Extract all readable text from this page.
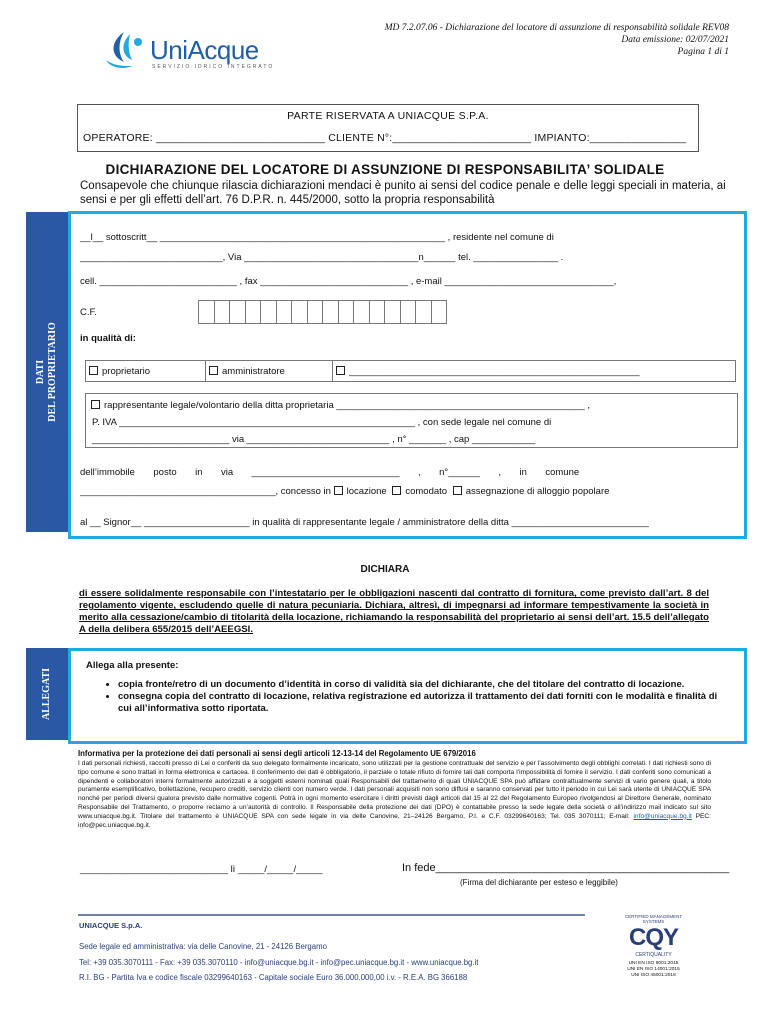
MD 7.2.07.06 - Dichiarazione del locatore di assunzione di responsabilità solidale REV08
Data emissione: 02/07/2021
Pagina 1 di 1
UniAcque
SERVIZIO IDRICO INTEGRATO
PARTE RISERVATA A UNIACQUE S.P.A.
OPERATORE: ____________________________ CLIENTE N°:_______________________ IMPIANTO:________________
DICHIARAZIONE DEL LOCATORE DI ASSUNZIONE DI RESPONSABILITA’ SOLIDALE
Consapevole che chiunque rilascia dichiarazioni mendaci è punito ai sensi del codice penale e delle leggi speciali in materia, ai sensi e per gli effetti dell’art. 76 D.P.R. n. 445/2000, sotto la propria responsabilità
DATI
DEL PROPRIETARIO
__l__ sottoscritt__ ______________________________________________________ , residente nel comune di
___________________________, Via _________________________________n______ tel. ________________ .
cell. __________________________ , fax ____________________________ , e-mail ________________________________,
C.F.
in qualità di:
proprietario	amministratore	_______________________________________________________
rappresentante legale/volontario della ditta proprietaria _______________________________________________ ,
P. IVA ________________________________________________________ , con sede legale nel comune di
__________________________ via ___________________________ , n° _______ , cap ____________
dell’immobile       posto       in       via       ____________________________       ,       n°______       ,       in       comune
_____________________________________, concesso in locazione comodato assegnazione di alloggio popolare
al __ Signor__ ____________________ in qualità di rappresentante legale / amministratore della ditta __________________________
DICHIARA
di essere solidalmente responsabile con l’intestatario per le obbligazioni nascenti dal contratto di fornitura, come previsto dall’art. 8 del regolamento vigente, escludendo quelle di natura pecuniaria. Dichiara, altresì, di impegnarsi ad informare tempestivamente la società in merito alla cessazione/cambio di titolarità della locazione, richiamando la responsabilità del proprietario ai sensi dell’art. 15.5 dell’allegato A della delibera 655/2015 dell’AEEGSI.
ALLEGATI
Allega alla presente:
• copia fronte/retro di un documento d’identità in corso di validità sia del dichiarante, che del titolare del contratto di locazione.
• consegna copia del contratto di locazione, relativa registrazione ed autorizza il trattamento dei dati forniti con le modalità e finalità di cui all’informativa sotto riportata.
Informativa per la protezione dei dati personali ai sensi degli articoli 12-13-14 del Regolamento UE 679/2016
I dati personali richiesti, raccolti presso di Lei o conferiti da suo delegato formalmente incaricato, sono utilizzati per la gestione contrattuale del servizio e per l’assolvimento degli obblighi correlati. I dati richiesti sono di tipo comune e sono trattati in forma elettronica e cartacea. Il conferimento dei dati è obbligatorio, il parziale o totale rifiuto di fornire tali dati comporta l’impossibilità di fornire il servizio. I dati conferiti sono comunicati a dipendenti e collaboratori interni formalmente autorizzati e a soggetti esterni nominati quali Responsabili del trattamento di quali UNIACQUE SPA può affidare contrattualmente servizi di vario genere quali, a titolo puramente esemplificativo, bollettazione, recupero crediti, servizio clienti con numero verde. I dati personali acquisiti non sono diffusi e saranno conservati per tutto il periodo in cui Lei sarà utente di UNIACQUE SPA nonché per periodi diversi qualora previsto dalle normative cogenti. Potrà in ogni momento esercitare i diritti previsti dagli articoli dal 15 al 22 del Regolamento Europeo rivolgendosi al Direttore Generale, nominato Responsabile del Trattamento, o proporre reclamo a un’autorità di controllo. Il Responsabile della protezione dei dati (DPO) è contattabile presso la sede legale della società o all’indirizzo mail indicato sul sito www.uniacque.bg.it. Titolare del trattamento è UNIACQUE SPA con sede legale in via delle Canovine, 21–24126 Bergamo, P.I. e C.F. 03299640163; Tel. 035 3070111; E-mail: info@uniacque.bg.it PEC: info@pec.uniacque.bg.it.
____________________________ lì _____/_____/_____	In fede________________________________________________
(Firma del dichiarante per esteso e leggibile)
UNIACQUE S.p.A.
Sede legale ed amministrativa: via delle Canovine, 21 - 24126 Bergamo
Tel: +39 035.3070111 - Fax: +39 035.3070110 - info@uniacque.bg.it - info@pec.uniacque.bg.it - www.uniacque.bg.it
R.I. BG - Partita Iva e codice fiscale 03299640163 - Capitale sociale Euro 36.000.000,00 i.v. - R.E.A. BG 366188
CERTIFIED MANAGEMENT SYSTEMS
CQY
CERTIQUALITY
UNI EN ISO 9001:2015
UNI EN ISO 14001:2015
UNI ISO 45001:2018
